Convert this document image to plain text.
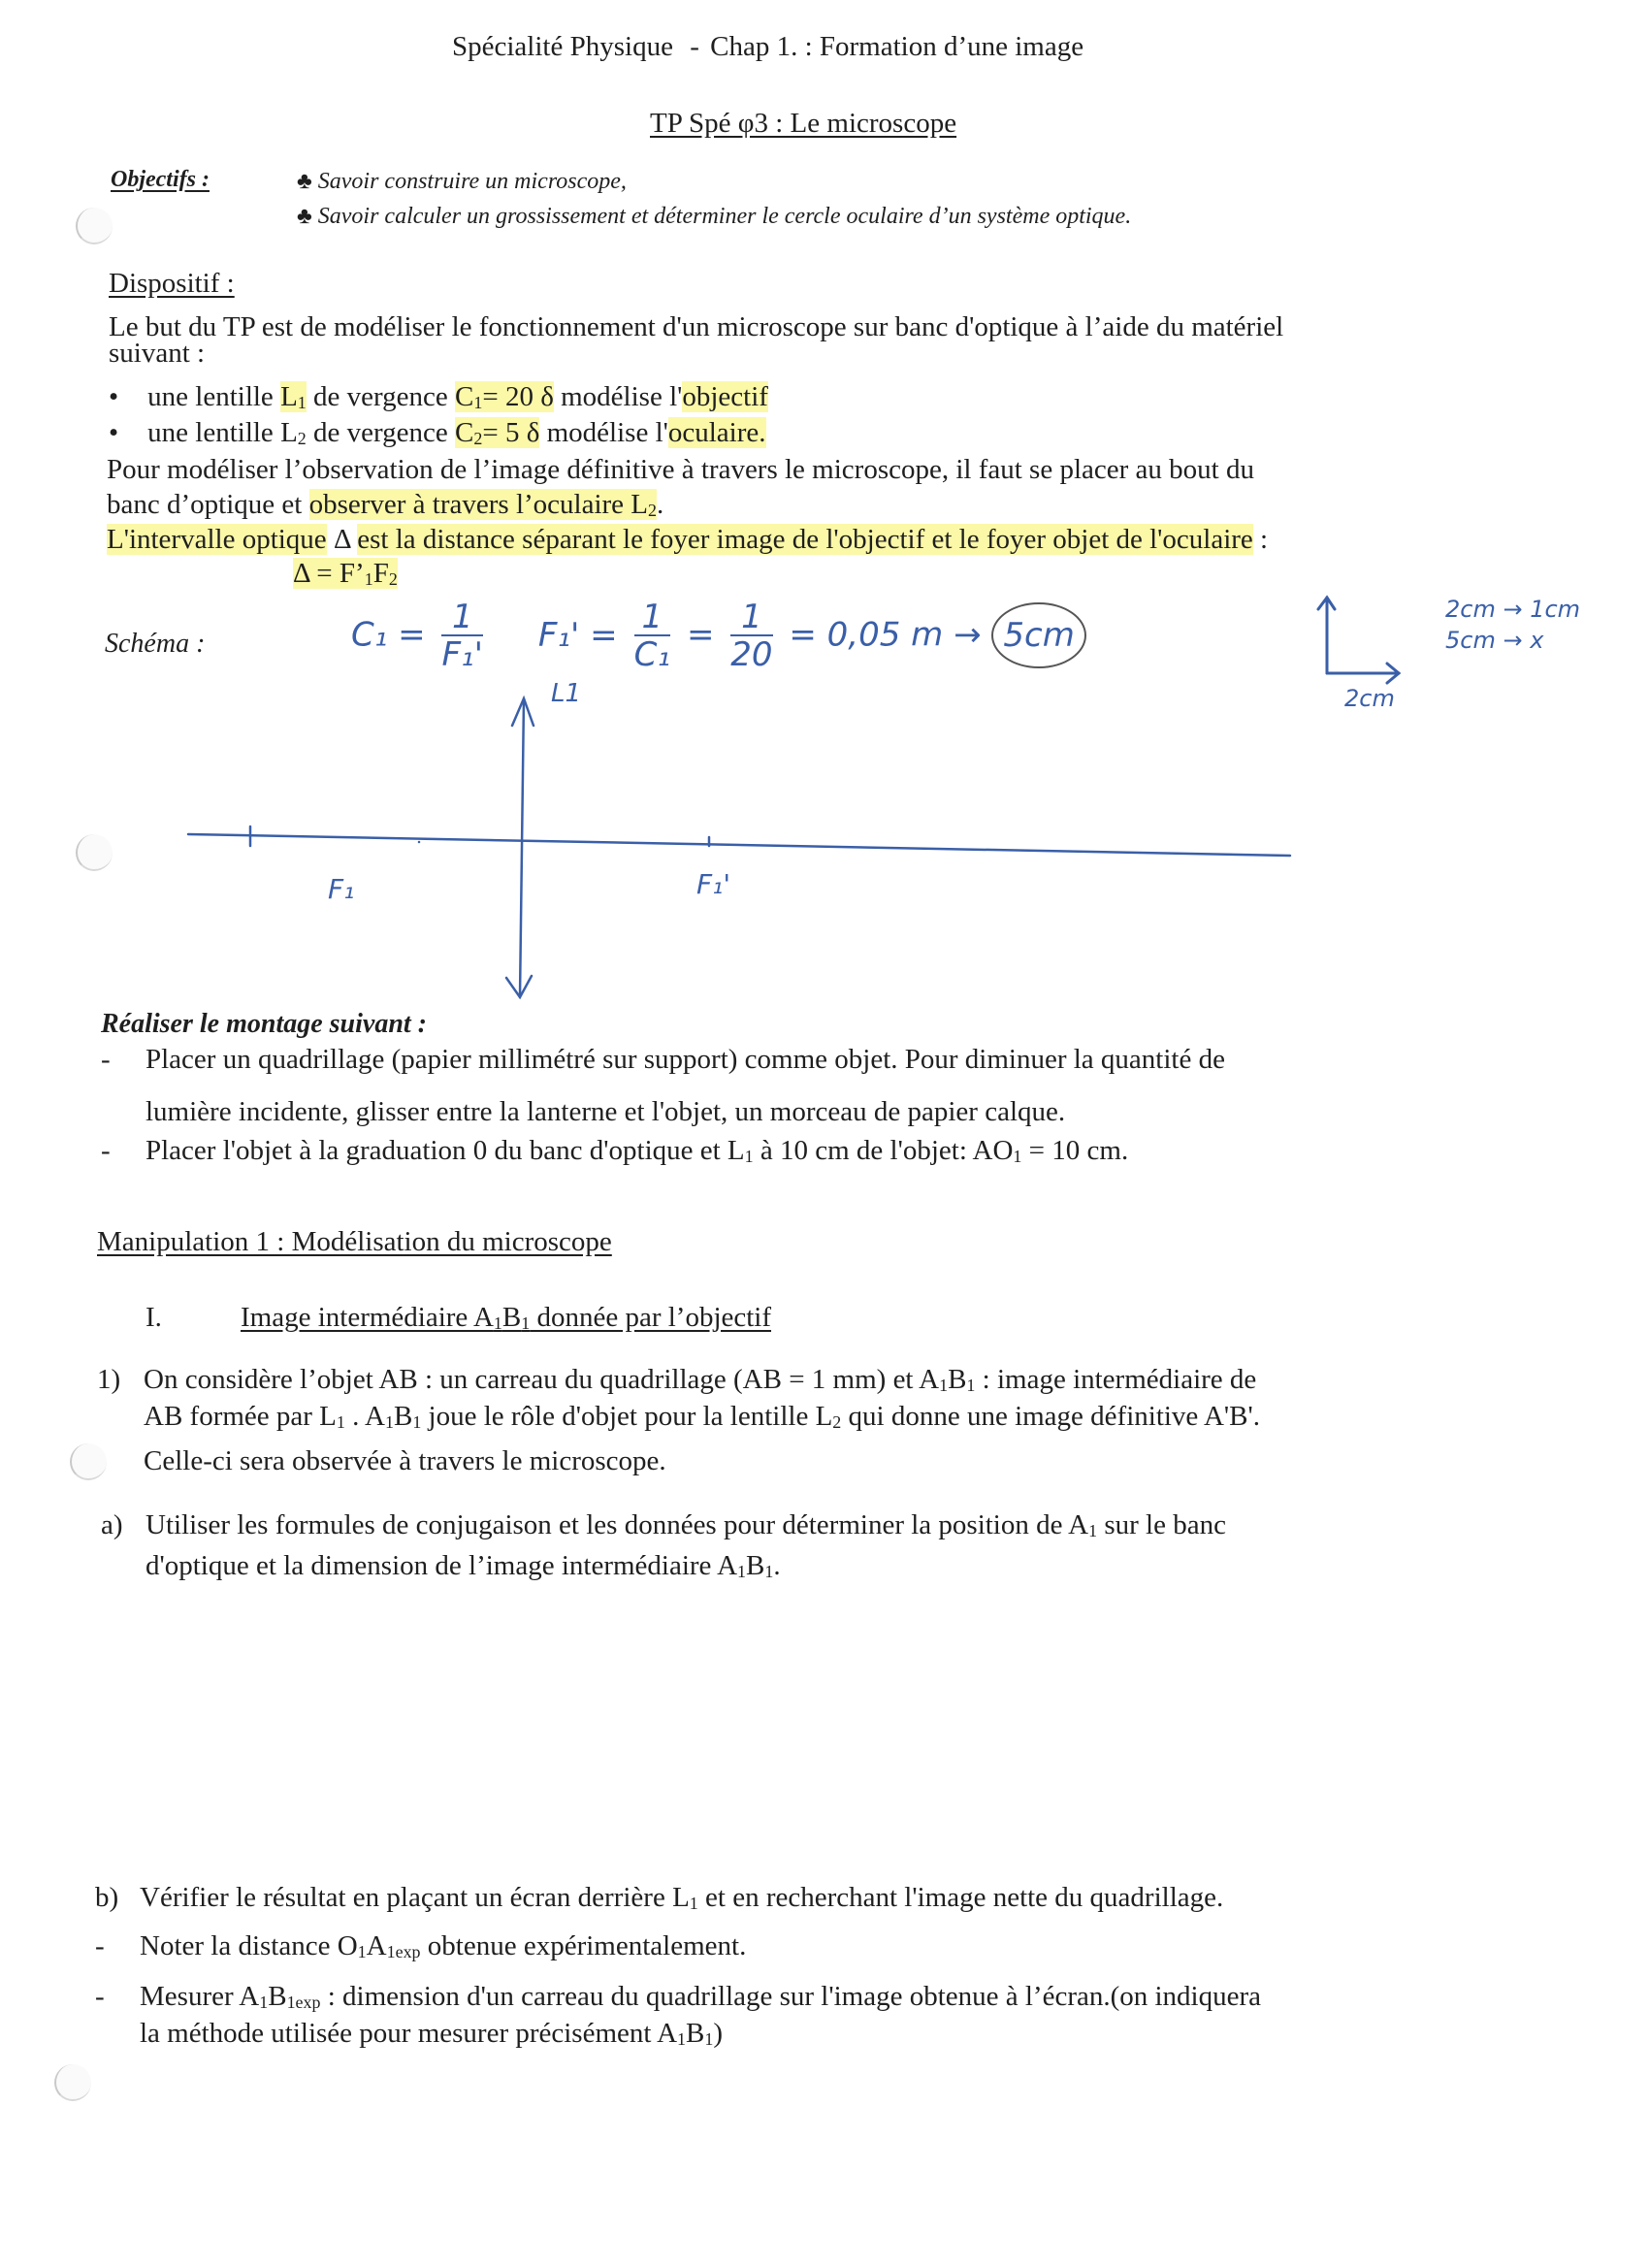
Spécialité Physique - Chap 1. : Formation d’une image
TP Spé φ3 : Le microscope
Objectifs :	♣ Savoir construire un microscope,
♣ Savoir calculer un grossissement et déterminer le cercle oculaire d’un système optique.
Dispositif :
Le but du TP est de modéliser le fonctionnement d'un microscope sur banc d'optique à l’aide du matériel
suivant :
• une lentille $L_1$ de vergence $C_1= 20$ δ modélise l'objectif
• une lentille $L_2$ de vergence $C_2= 5$ δ modélise l'oculaire.
Pour modéliser l’observation de l’image définitive à travers le microscope, il faut se placer au bout du
banc d’optique et observer à travers l’oculaire $L_2$.
L'intervalle optique Δ est la distance séparant le foyer image de l'objectif et le foyer objet de l'oculaire :
$\Delta = F’_1F_2$
Schéma :	$C_1 = \frac{1}{\text{F₁'}} F_1' = \frac{1}{\text{C₁}} = \frac{1}{20} = 0,05$ m → 5cm
2cm → 1cm
5cm → x
2cm
L1
F₁	F₁'
Réaliser le montage suivant :
- Placer un quadrillage (papier millimétré sur support) comme objet. Pour diminuer la quantité de
lumière incidente, glisser entre la lanterne et l'objet, un morceau de papier calque.
- Placer l'objet à la graduation 0 du banc d'optique et $L_1$ à 10 cm de l'objet: $AO_1 = 10$ cm.
Manipulation 1 : Modélisation du microscope
I.	Image intermédiaire $A_1B_1$ donnée par l’objectif
1) On considère l’objet AB : un carreau du quadrillage (AB = 1 mm) et $A_1B_1$ : image intermédiaire de
AB formée par $L_1$ . $A_1B_1$ joue le rôle d'objet pour la lentille $L_2$ qui donne une image définitive A'B'.
Celle-ci sera observée à travers le microscope.
a) Utiliser les formules de conjugaison et les données pour déterminer la position de $A_1$ sur le banc
d'optique et la dimension de l’image intermédiaire $A_1B_1$.
b) Vérifier le résultat en plaçant un écran derrière $L_1$ et en recherchant l'image nette du quadrillage.
- Noter la distance $O_1A_{1exp}$ obtenue expérimentalement.
- Mesurer $A_1B_{1exp}$ : dimension d'un carreau du quadrillage sur l'image obtenue à l’écran.(on indiquera
la méthode utilisée pour mesurer précisément $A_1B_1$)
